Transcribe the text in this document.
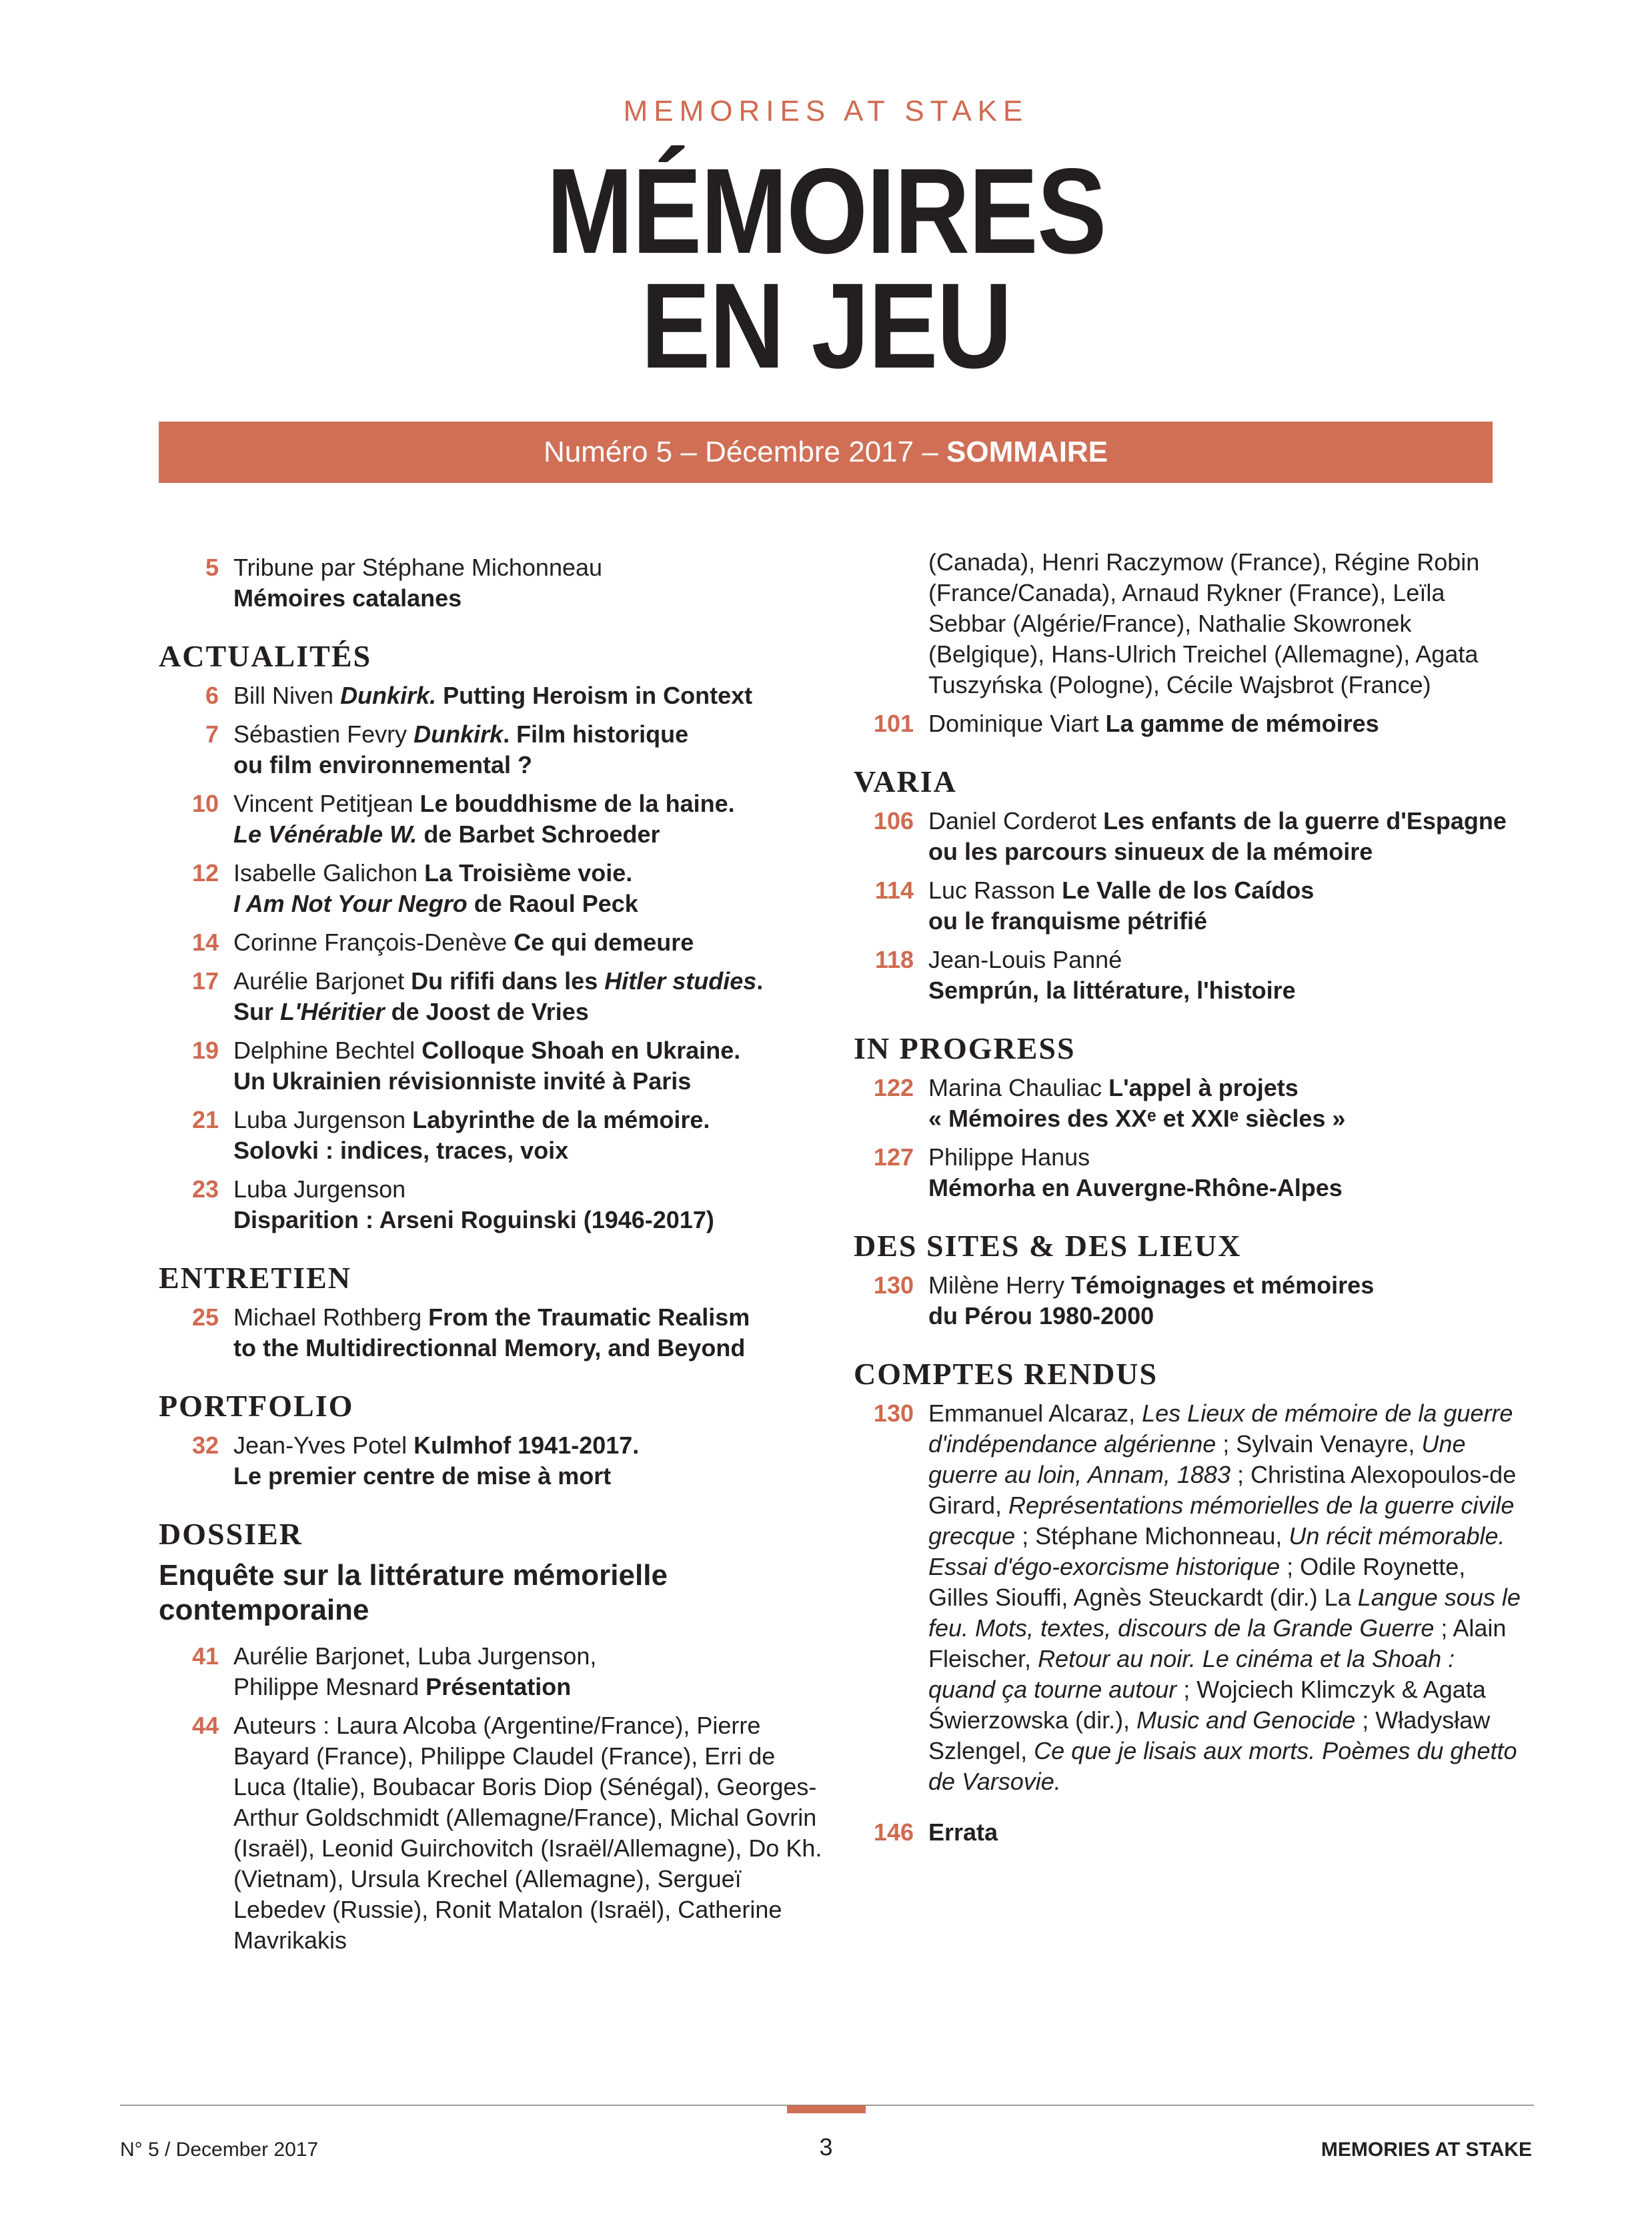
MEMORIES AT STAKE
MÉMOIRES
EN JEU
Numéro 5 – Décembre 2017 – SOMMAIRE
5 Tribune par Stéphane Michonneau
Mémoires catalanes
ACTUALITÉS
6 Bill Niven Dunkirk. Putting Heroism in Context
7 Sébastien Fevry Dunkirk. Film historique
ou film environnemental ?
10 Vincent Petitjean Le bouddhisme de la haine.
Le Vénérable W. de Barbet Schroeder
12 Isabelle Galichon La Troisième voie.
I Am Not Your Negro de Raoul Peck
14 Corinne François-Denève Ce qui demeure
17 Aurélie Barjonet Du rififi dans les Hitler studies.
Sur L'Héritier de Joost de Vries
19 Delphine Bechtel Colloque Shoah en Ukraine.
Un Ukrainien révisionniste invité à Paris
21 Luba Jurgenson Labyrinthe de la mémoire.
Solovki : indices, traces, voix
23 Luba Jurgenson
Disparition : Arseni Roguinski (1946-2017)
ENTRETIEN
25 Michael Rothberg From the Traumatic Realism
to the Multidirectionnal Memory, and Beyond
PORTFOLIO
32 Jean-Yves Potel Kulmhof 1941-2017.
Le premier centre de mise à mort
DOSSIER
Enquête sur la littérature mémorielle contemporaine
41 Aurélie Barjonet, Luba Jurgenson,
Philippe Mesnard Présentation
44 Auteurs : Laura Alcoba (Argentine/France), Pierre Bayard (France), Philippe Claudel (France), Erri de Luca (Italie), Boubacar Boris Diop (Sénégal), Georges-Arthur Goldschmidt (Allemagne/France), Michal Govrin (Israël), Leonid Guirchovitch (Israël/Allemagne), Do Kh. (Vietnam), Ursula Krechel (Allemagne), Sergueï Lebedev (Russie), Ronit Matalon (Israël), Catherine Mavrikakis
(Canada), Henri Raczymow (France), Régine Robin (France/Canada), Arnaud Rykner (France), Leïla Sebbar (Algérie/France), Nathalie Skowronek (Belgique), Hans-Ulrich Treichel (Allemagne), Agata Tuszyńska (Pologne), Cécile Wajsbrot (France)
101 Dominique Viart La gamme de mémoires
VARIA
106 Daniel Corderot Les enfants de la guerre d'Espagne ou les parcours sinueux de la mémoire
114 Luc Rasson Le Valle de los Caídos
ou le franquisme pétrifié
118 Jean-Louis Panné
Semprún, la littérature, l'histoire
IN PROGRESS
122 Marina Chauliac L'appel à projets
« Mémoires des XXᵉ et XXIᵉ siècles »
127 Philippe Hanus
Mémorha en Auvergne-Rhône-Alpes
DES SITES & DES LIEUX
130 Milène Herry Témoignages et mémoires
du Pérou 1980-2000
COMPTES RENDUS
130 Emmanuel Alcaraz, Les Lieux de mémoire de la guerre d'indépendance algérienne ; Sylvain Venayre, Une guerre au loin, Annam, 1883 ; Christina Alexopoulos-de Girard, Représentations mémorielles de la guerre civile grecque ; Stéphane Michonneau, Un récit mémorable. Essai d'égo-exorcisme historique ; Odile Roynette, Gilles Siouffi, Agnès Steuckardt (dir.) La Langue sous le feu. Mots, textes, discours de la Grande Guerre ; Alain Fleischer, Retour au noir. Le cinéma et la Shoah : quand ça tourne autour ; Wojciech Klimczyk & Agata Świerzowska (dir.), Music and Genocide ; Władysław Szlengel, Ce que je lisais aux morts. Poèmes du ghetto de Varsovie.
146 Errata
N° 5 / December 2017	3	MEMORIES AT STAKE
